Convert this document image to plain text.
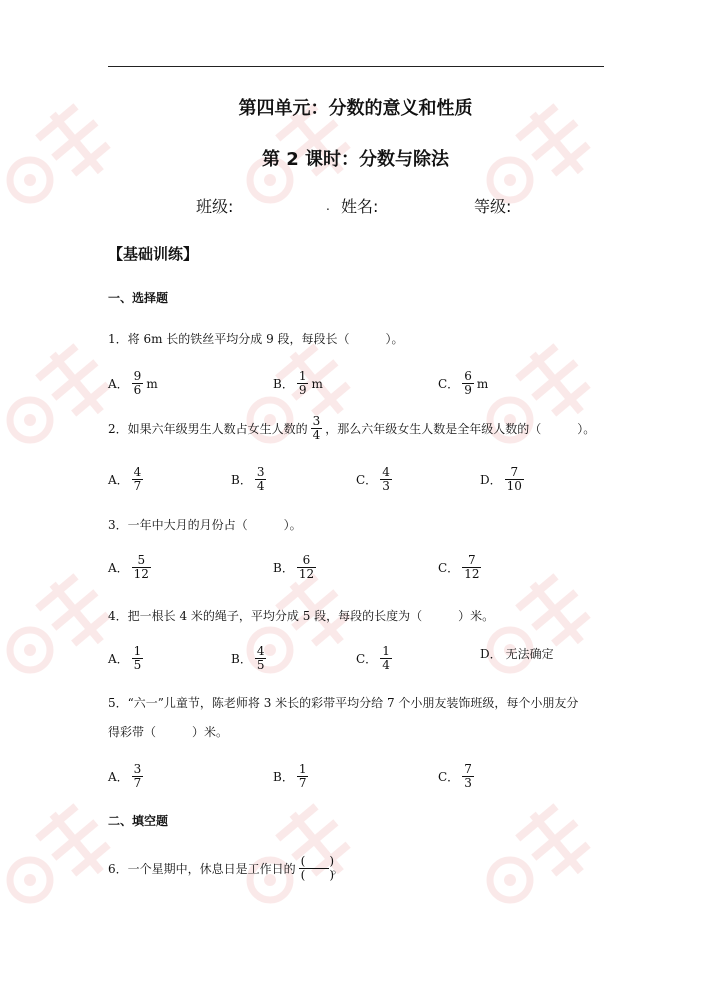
第四单元：分数的意义和性质
第 2 课时：分数与除法
班级:	. 姓名:	等级:
【基础训练】
一、选择题
1．将 6m 长的铁丝平均分成 9 段，每段长（　　　）。
A． $\frac{9}{6}$ m	B． $\frac{1}{9}$ m	C． $\frac{6}{9}$ m
2．如果六年级男生人数占女生人数的 $\frac{3}{4}$ ，那么六年级女生人数是全年级人数的（　　　）。
A． $\frac{4}{7}$	B． $\frac{3}{4}$	C． $\frac{4}{3}$	D． $\frac{7}{10}$
3．一年中大月的月份占（　　　）。
A． $\frac{5}{12}$	B． $\frac{6}{12}$	C． $\frac{7}{12}$
4．把一根长 4 米的绳子，平均分成 5 段，每段的长度为（　　　）米。
A． $\frac{1}{5}$	B． $\frac{4}{5}$	C． $\frac{1}{4}$	D． 无法确定
5．“六一”儿童节，陈老师将 3 米长的彩带平均分给 7 个小朋友装饰班级，每个小朋友分
得彩带（　　　）米。
A． $\frac{3}{7}$	B． $\frac{1}{7}$	C． $\frac{7}{3}$
二、填空题
6．一个星期中，休息日是工作日的 $\frac{( )}{( )}$ 。
